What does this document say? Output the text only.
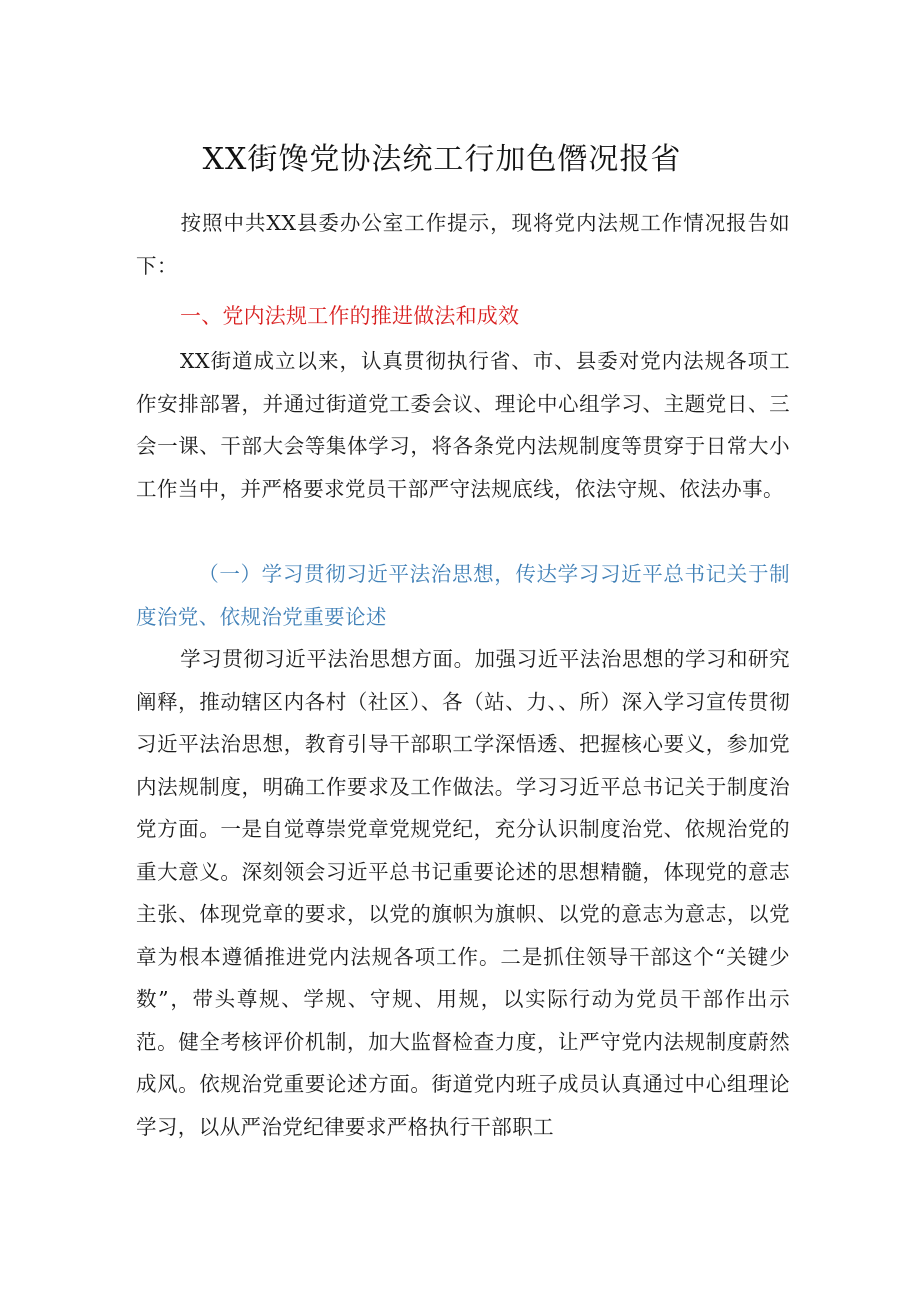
XX街馋党协法统工行加色僭况报省
按照中共XX县委办公室工作提示，现将党内法规工作情况报告如下：
一、党内法规工作的推进做法和成效
XX街道成立以来，认真贯彻执行省、市、县委对党内法规各项工作安排部署，并通过街道党工委会议、理论中心组学习、主题党日、三会一课、干部大会等集体学习，将各条党内法规制度等贯穿于日常大小工作当中，并严格要求党员干部严守法规底线，依法守规、依法办事。
（一）学习贯彻习近平法治思想，传达学习习近平总书记关于制度治党、依规治党重要论述
学习贯彻习近平法治思想方面。加强习近平法治思想的学习和研究阐释，推动辖区内各村（社区）、各（站、力、、所）深入学习宣传贯彻习近平法治思想，教育引导干部职工学深悟透、把握核心要义，参加党内法规制度，明确工作要求及工作做法。学习习近平总书记关于制度治党方面。一是自觉尊崇党章党规党纪，充分认识制度治党、依规治党的重大意义。深刻领会习近平总书记重要论述的思想精髓，体现党的意志主张、体现党章的要求，以党的旗帜为旗帜、以党的意志为意志，以党章为根本遵循推进党内法规各项工作。二是抓住领导干部这个“关键少数”，带头尊规、学规、守规、用规，以实际行动为党员干部作出示范。健全考核评价机制，加大监督检查力度，让严守党内法规制度蔚然成风。依规治党重要论述方面。街道党内班子成员认真通过中心组理论学习，以从严治党纪律要求严格执行干部职工
